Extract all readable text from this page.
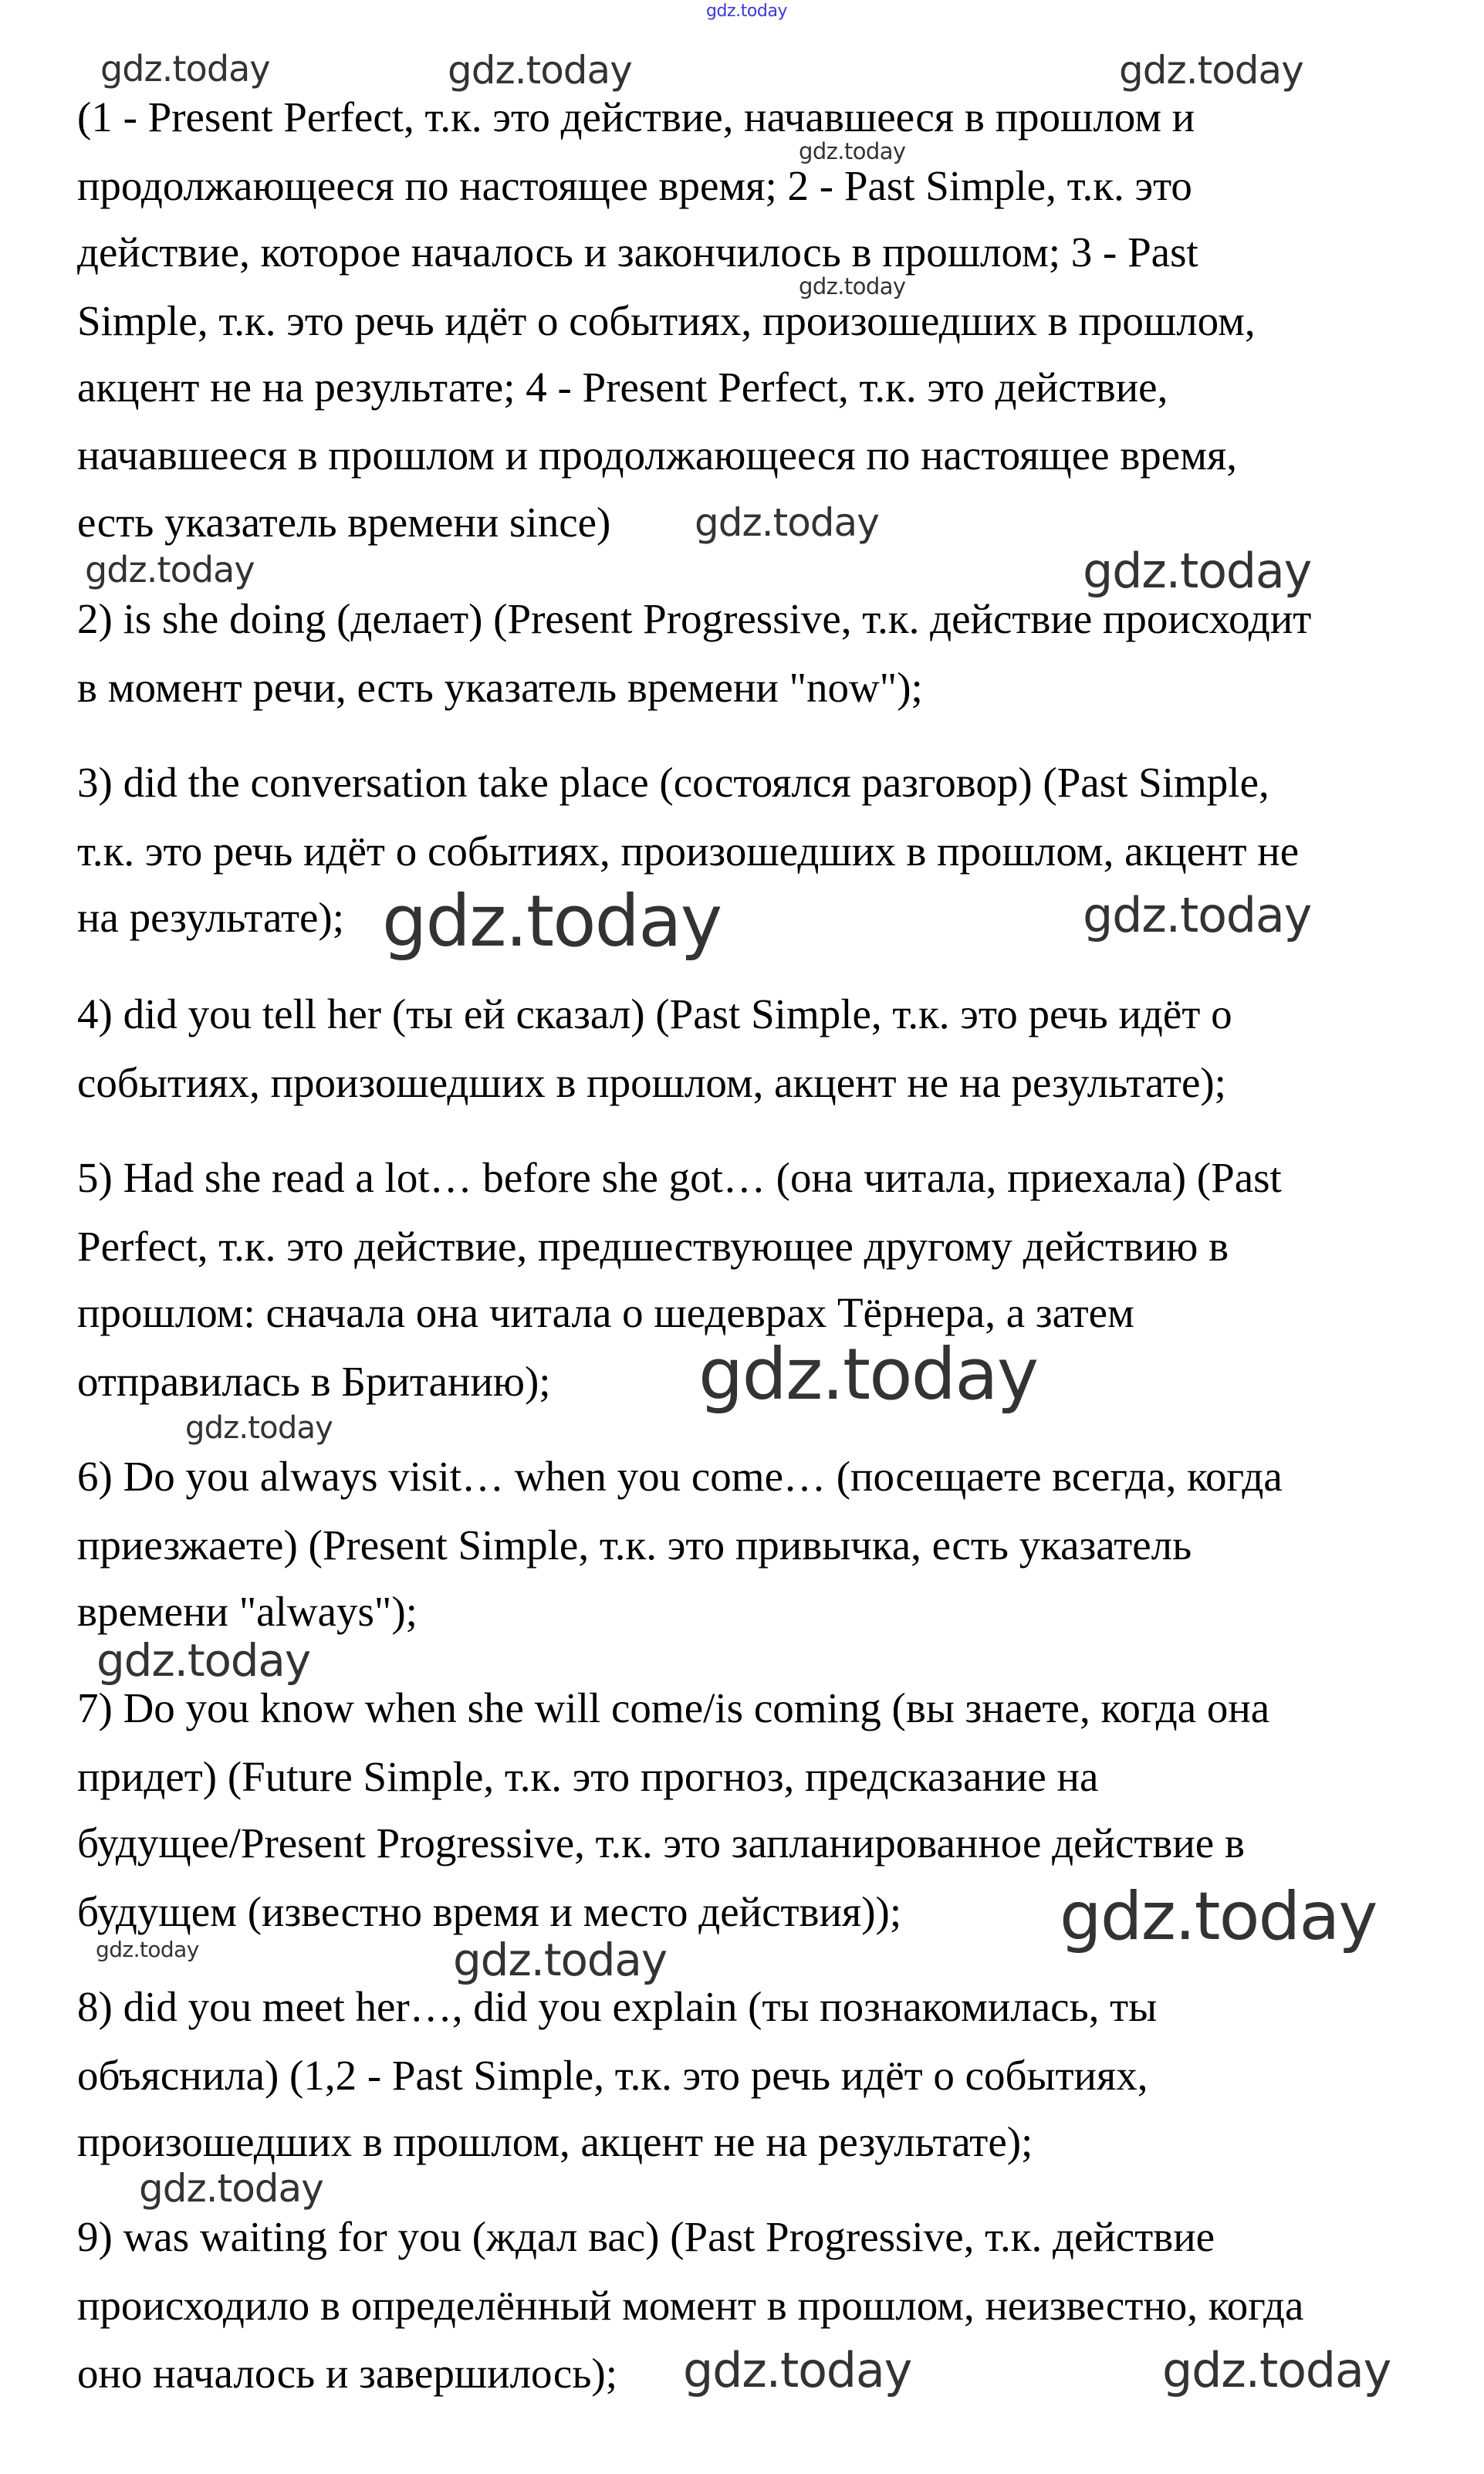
(1 - Present Perfect, т.к. это действие, начавшееся в прошлом и
продолжающееся по настоящее время; 2 - Past Simple, т.к. это
действие, которое началось и закончилось в прошлом; 3 - Past
Simple, т.к. это речь идёт о событиях, произошедших в прошлом,
акцент не на результате; 4 - Present Perfect, т.к. это действие,
начавшееся в прошлом и продолжающееся по настоящее время,
есть указатель времени since)
2) is she doing (делает) (Present Progressive, т.к. действие происходит
в момент речи, есть указатель времени "now");
3) did the conversation take place (состоялся разговор) (Past Simple,
т.к. это речь идёт о событиях, произошедших в прошлом, акцент не
на результате);
4) did you tell her (ты ей сказал) (Past Simple, т.к. это речь идёт о
событиях, произошедших в прошлом, акцент не на результате);
5) Had she read a lot… before she got… (она читала, приехала) (Past
Perfect, т.к. это действие, предшествующее другому действию в
прошлом: сначала она читала о шедеврах Тёрнера, а затем
отправилась в Британию);
6) Do you always visit… when you come… (посещаете всегда, когда
приезжаете) (Present Simple, т.к. это привычка, есть указатель
времени "always");
7) Do you know when she will come/is coming (вы знаете, когда она
придет) (Future Simple, т.к. это прогноз, предсказание на
будущее/Present Progressive, т.к. это запланированное действие в
будущем (известно время и место действия));
8) did you meet her…, did you explain (ты познакомилась, ты
объяснила) (1,2 - Past Simple, т.к. это речь идёт о событиях,
произошедших в прошлом, акцент не на результате);
9) was waiting for you (ждал вас) (Past Progressive, т.к. действие
происходило в определённый момент в прошлом, неизвестно, когда
оно началось и завершилось);
gdz.today
gdz.today	gdz.today	gdz.today
gdz.today
gdz.today
gdz.today
gdz.today	gdz.today
gdz.today	gdz.today
gdz.today
gdz.today
gdz.today
gdz.today
gdz.today	gdz.today
gdz.today
gdz.today	gdz.today
